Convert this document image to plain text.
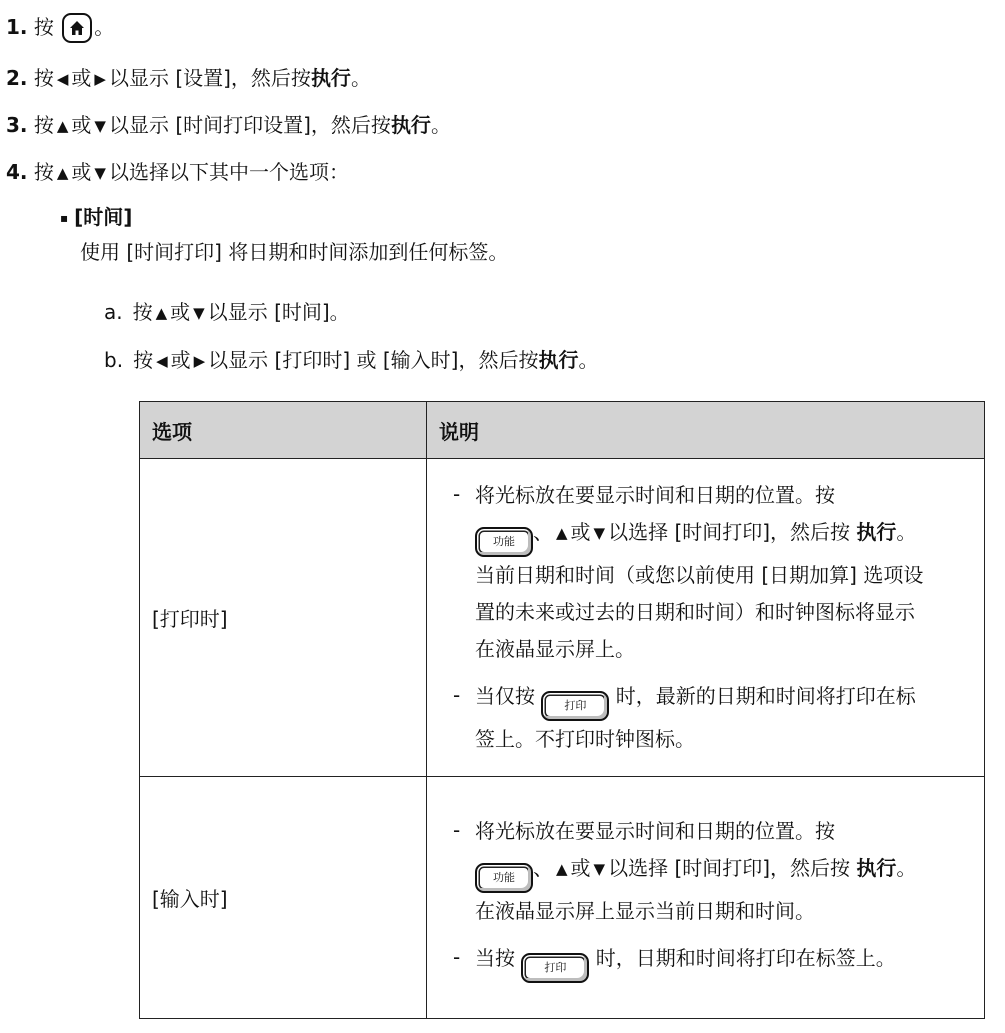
1. 按 。
2. 按 ◀ 或 ▶ 以显示 [设置]，然后按执行。
3. 按 ▲ 或 ▼ 以显示 [时间打印设置]，然后按执行。
4. 按 ▲ 或 ▼ 以选择以下其中一个选项：
▪ [时间]
使用 [时间打印] 将日期和时间添加到任何标签。
a. 按 ▲ 或 ▼ 以显示 [时间]。
b. 按 ◀ 或 ▶ 以显示 [打印时] 或 [输入时]，然后按执行。
选项	说明
[打印时]	- 将光标放在要显示时间和日期的位置。按
功能 、 ▲ 或 ▼ 以选择 [时间打印]，然后按 执行。当前日期和时间（或您以前使用 [日期加算] 选项设置的未来或过去的日期和时间）和时钟图标将显示在液晶显示屏上。
- 当仅按 打印 时，最新的日期和时间将打印在标签上。不打印时钟图标。

[输入时]	- 将光标放在要显示时间和日期的位置。按
功能 、 ▲ 或 ▼ 以选择 [时间打印]，然后按 执行。在液晶显示屏上显示当前日期和时间。
- 当按 打印 时，日期和时间将打印在标签上。
